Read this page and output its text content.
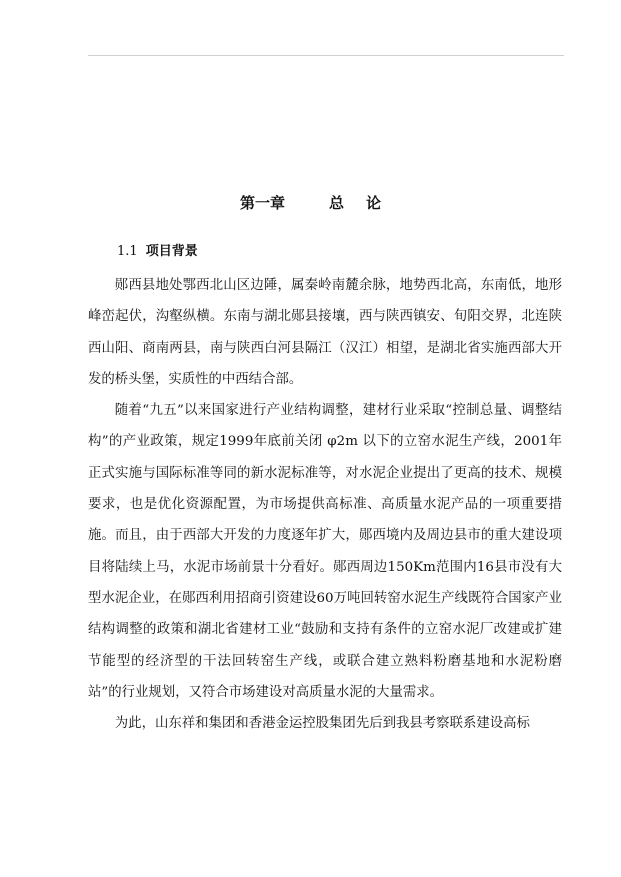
第一章	总 论
1.1 项目背景

郧西县地处鄂西北山区边陲，属秦岭南麓余脉，地势西北高，东南低，地形峰峦起伏，沟壑纵横。东南与湖北郧县接壤，西与陕西镇安、旬阳交界，北连陕西山阳、商南两县，南与陕西白河县隔江（汉江）相望，是湖北省实施西部大开发的桥头堡，实质性的中西结合部。

随着“九五”以来国家进行产业结构调整，建材行业采取“控制总量、调整结构”的产业政策，规定1999年底前关闭 φ2m 以下的立窑水泥生产线，2001年正式实施与国际标准等同的新水泥标准等，对水泥企业提出了更高的技术、规模要求，也是优化资源配置，为市场提供高标准、高质量水泥产品的一项重要措施。而且，由于西部大开发的力度逐年扩大，郧西境内及周边县市的重大建设项目将陆续上马，水泥市场前景十分看好。郧西周边150Km范围内16县市没有大型水泥企业，在郧西利用招商引资建设60万吨回转窑水泥生产线既符合国家产业结构调整的政策和湖北省建材工业“鼓励和支持有条件的立窑水泥厂改建或扩建节能型的经济型的干法回转窑生产线，或联合建立熟料粉磨基地和水泥粉磨站”的行业规划，又符合市场建设对高质量水泥的大量需求。

为此，山东祥和集团和香港金运控股集团先后到我县考察联系建设高标
